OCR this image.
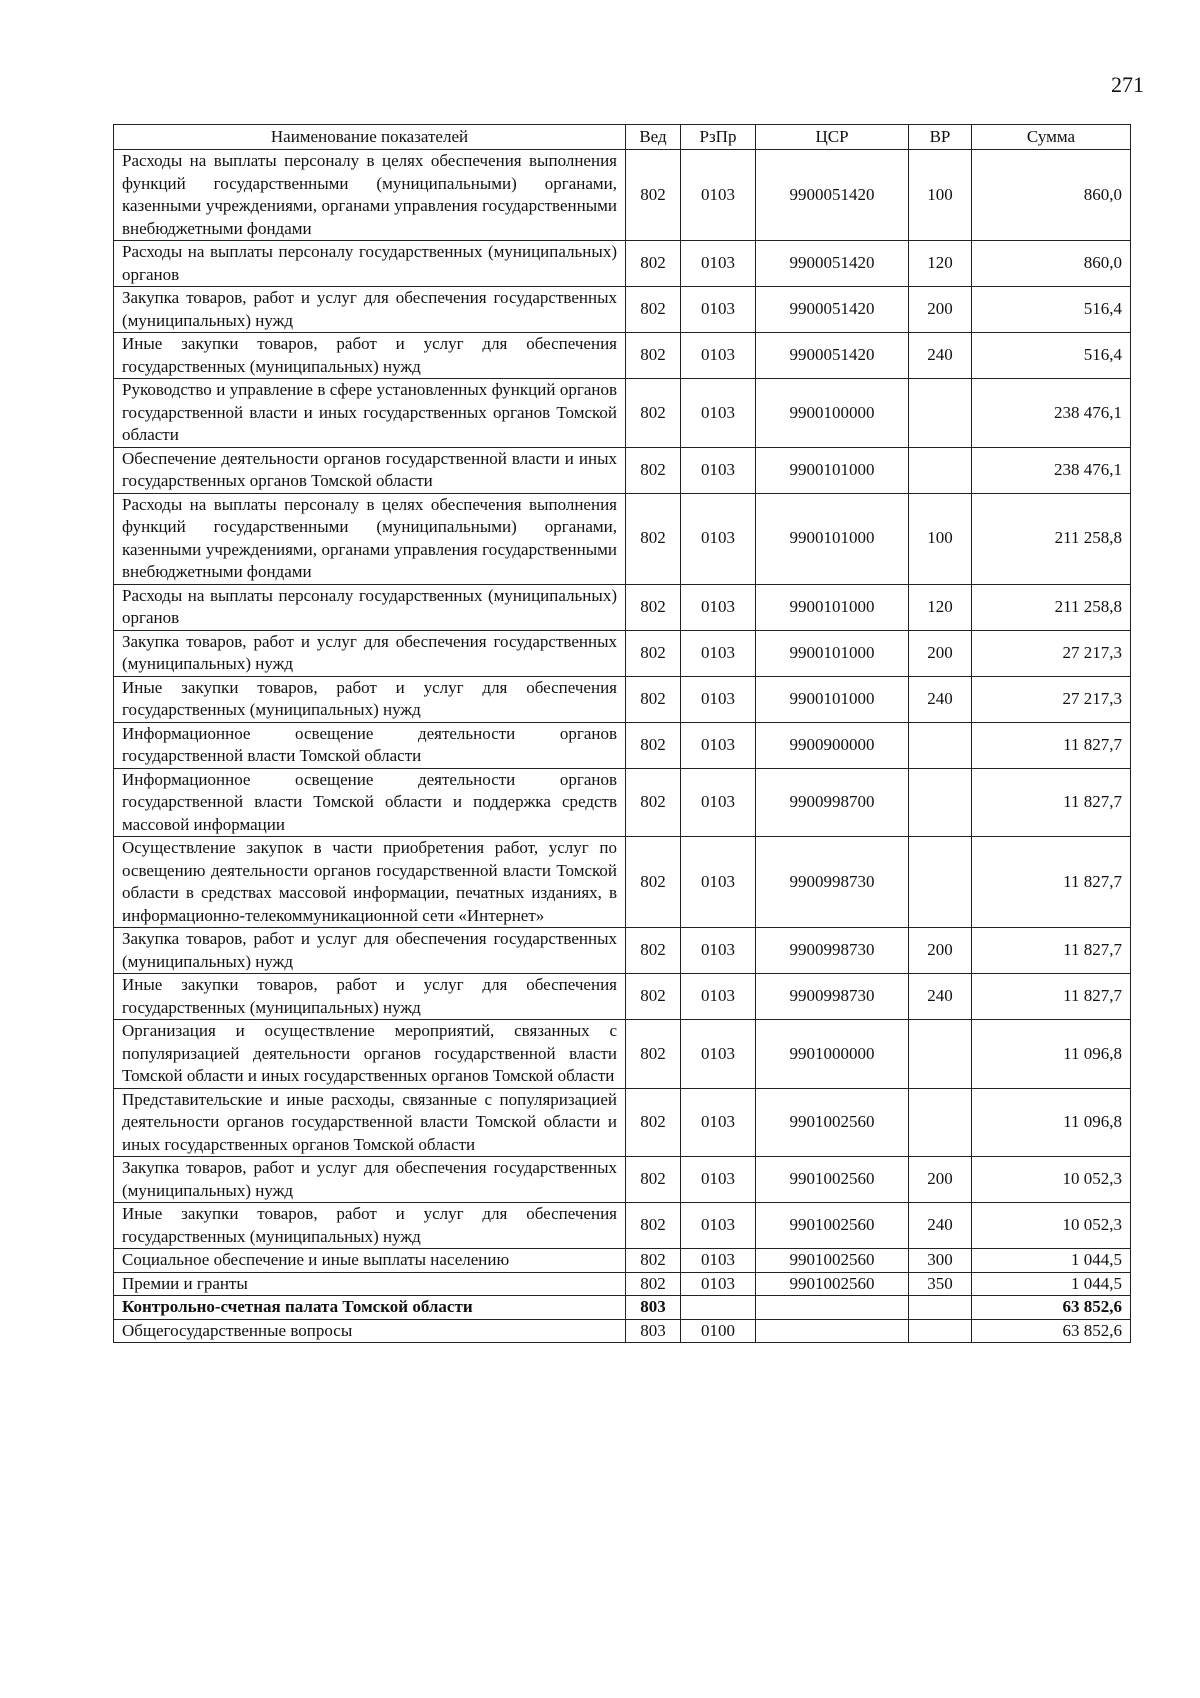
271
Наименование показателей	Вед	РзПр	ЦСР	ВР	Сумма
Расходы на выплаты персоналу в целях обеспечения выполнения функций государственными (муниципальными) органами, казенными учреждениями, органами управления государственными внебюджетными фондами	802	0103	9900051420	100	860,0
Расходы на выплаты персоналу государственных (муниципальных) органов	802	0103	9900051420	120	860,0
Закупка товаров, работ и услуг для обеспечения государственных (муниципальных) нужд	802	0103	9900051420	200	516,4
Иные закупки товаров, работ и услуг для обеспечения государственных (муниципальных) нужд	802	0103	9900051420	240	516,4
Руководство и управление в сфере установленных функций органов государственной власти и иных государственных органов Томской области	802	0103	9900100000		238 476,1
Обеспечение деятельности органов государственной власти и иных государственных органов Томской области	802	0103	9900101000		238 476,1
Расходы на выплаты персоналу в целях обеспечения выполнения функций государственными (муниципальными) органами, казенными учреждениями, органами управления государственными внебюджетными фондами	802	0103	9900101000	100	211 258,8
Расходы на выплаты персоналу государственных (муниципальных) органов	802	0103	9900101000	120	211 258,8
Закупка товаров, работ и услуг для обеспечения государственных (муниципальных) нужд	802	0103	9900101000	200	27 217,3
Иные закупки товаров, работ и услуг для обеспечения государственных (муниципальных) нужд	802	0103	9900101000	240	27 217,3
Информационное освещение деятельности органов государственной власти Томской области	802	0103	9900900000		11 827,7
Информационное освещение деятельности органов государственной власти Томской области и поддержка средств массовой информации	802	0103	9900998700		11 827,7
Осуществление закупок в части приобретения работ, услуг по освещению деятельности органов государственной власти Томской области в средствах массовой информации, печатных изданиях, в информационно-телекоммуникационной сети «Интернет»	802	0103	9900998730		11 827,7
Закупка товаров, работ и услуг для обеспечения государственных (муниципальных) нужд	802	0103	9900998730	200	11 827,7
Иные закупки товаров, работ и услуг для обеспечения государственных (муниципальных) нужд	802	0103	9900998730	240	11 827,7
Организация и осуществление мероприятий, связанных с популяризацией деятельности органов государственной власти Томской области и иных государственных органов Томской области	802	0103	9901000000		11 096,8
Представительские и иные расходы, связанные с популяризацией деятельности органов государственной власти Томской области и иных государственных органов Томской области	802	0103	9901002560		11 096,8
Закупка товаров, работ и услуг для обеспечения государственных (муниципальных) нужд	802	0103	9901002560	200	10 052,3
Иные закупки товаров, работ и услуг для обеспечения государственных (муниципальных) нужд	802	0103	9901002560	240	10 052,3
Социальное обеспечение и иные выплаты населению	802	0103	9901002560	300	1 044,5
Премии и гранты	802	0103	9901002560	350	1 044,5
Контрольно-счетная палата Томской области	803				63 852,6
Общегосударственные вопросы	803	0100			63 852,6
